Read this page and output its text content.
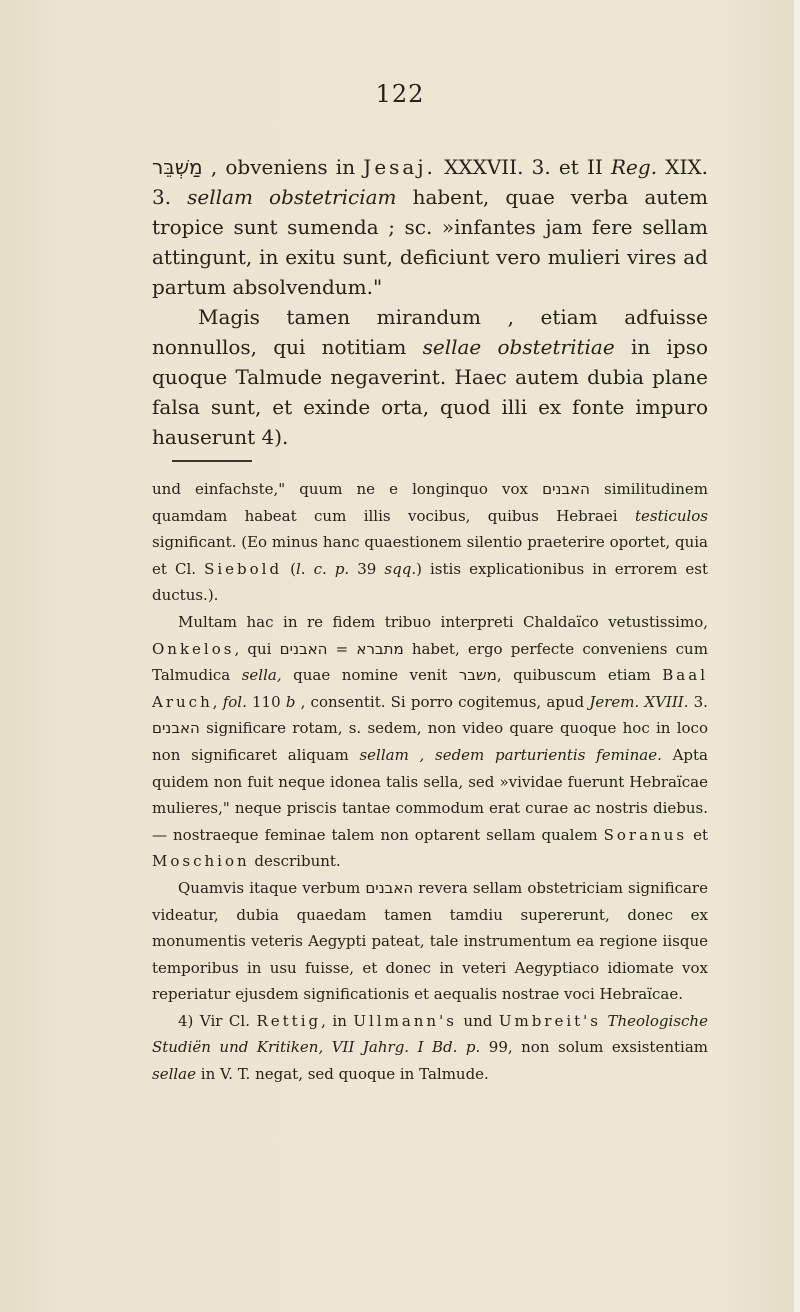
122

מַשְׁבֵּר , obveniens in Jesaj. XXXVII. 3. et II Reg. XIX. 3. sellam obstetriciam habent, quae verba autem tropice sunt sumenda ; sc. »infantes jam fere sellam attingunt, in exitu sunt, deficiunt vero mulieri vires ad partum absolvendum."

Magis tamen mirandum , etiam adfuisse nonnullos, qui notitiam sellae obstetritiae in ipso quoque Talmude negaverint. Haec autem dubia plane falsa sunt, et exinde orta, quod illi ex fonte impuro hauserunt 4).

und einfachste," quum ne e longinquo vox האבנים similitudinem quamdam habeat cum illis vocibus, quibus Hebraei testiculos significant. (Eo minus hanc quaestionem silentio praeterire oportet, quia et Cl. Siebold (l. c. p. 39 sqq.) istis explicationibus in errorem est ductus.).

Multam hac in re fidem tribuo interpreti Chaldaïco vetustissimo, Onkelos, qui האבנים = מתברא habet, ergo perfecte conveniens cum Talmudica sella, quae nomine venit משבר, quibuscum etiam Baal Aruch, fol. 110 b , consentit. Si porro cogitemus, apud Jerem. XVIII. 3. האבנים significare rotam, s. sedem, non video quare quoque hoc in loco non significaret aliquam sellam , sedem parturientis feminae. Apta quidem non fuit neque idonea talis sella, sed »vividae fuerunt Hebraïcae mulieres," neque priscis tantae commodum erat curae ac nostris diebus. — nostraeque feminae talem non optarent sellam qualem Soranus et Moschion describunt.

Quamvis itaque verbum האבנים revera sellam obstetriciam significare videatur, dubia quaedam tamen tamdiu supererunt, donec ex monumentis veteris Aegypti pateat, tale instrumentum ea regione iisque temporibus in usu fuisse, et donec in veteri Aegyptiaco idiomate vox reperiatur ejusdem significationis et aequalis nostrae voci Hebraïcae.

4) Vir Cl. Rettig, in Ullmann's und Umbreit's Theologische Studiën und Kritiken, VII Jahrg. I Bd. p. 99, non solum exsistentiam sellae in V. T. negat, sed quoque in Talmude.
